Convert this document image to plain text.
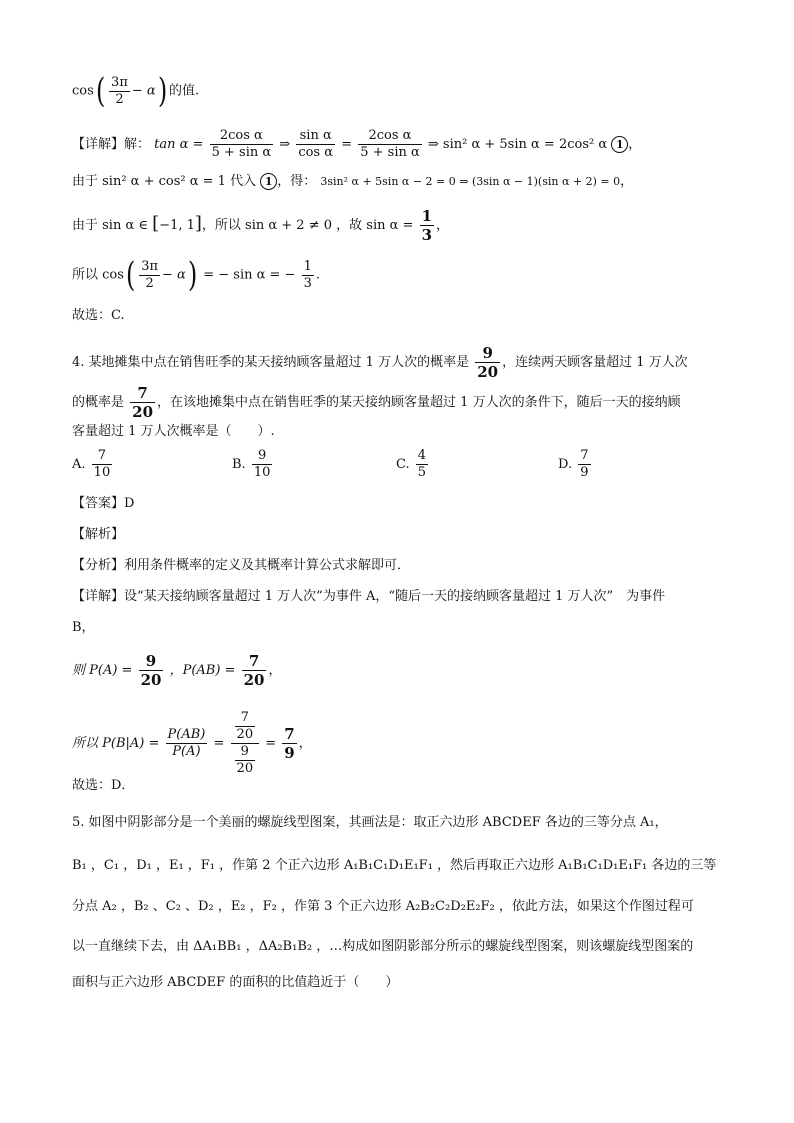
$\cos( \frac{3\pi}{2} - \alpha)$ 的值.
【详解】解： $\tan \alpha = \frac{\text{2cos α}}{\text{5 + sin α}}$ ⇒ $\frac{\text{sin α}}{\text{cos α}} = \frac{\text{2cos α}}{\text{5 + sin α}}$ ⇒ sin² α + 5sin α = 2cos² α 1 ，
由于 sin² α + cos² α = 1 代入 1 ，得： 3sin² α + 5sin α − 2 = 0 ⇒ (3sin α − 1)(sin α + 2) = 0，
由于 sin α ∈ [−1, 1]，所以 sin α + 2 ≠ 0 ，故 $\sin \alpha = \frac{1}{3}$ ，
所以 $\cos( \frac{3\pi}{2} - \alpha)$ = − sin α = − $\frac{1}{3}$ .
故选：C.
4. 某地摊集中点在销售旺季的某天接纳顾客量超过 1 万人次的概率是 $\frac{9}{20}$ ，连续两天顾客量超过 1 万人次
的概率是 $\frac{7}{20}$ ，在该地摊集中点在销售旺季的某天接纳顾客量超过 1 万人次的条件下，随后一天的接纳顾
客量超过 1 万人次概率是（　　）.
A. $\frac{7}{10}$	B. $\frac{9}{10}$	C. $\frac{4}{5}$	D. $\frac{7}{9}$
【答案】D
【解析】
【分析】利用条件概率的定义及其概率计算公式求解即可．
【详解】设“某天接纳顾客量超过 1 万人次”为事件 A，“随后一天的接纳顾客量超过 1 万人次”　为事件
B，
则 $P(A) = \frac{9}{20}$ ，$P(AB) = \frac{7}{20}$ ，
所以 $P(B|A) = \frac{P(AB)}{P(A)} = \frac{\frac{7}{20}}{\frac{9}{20}} = \frac{7}{9}$ ，
故选：D．
5. 如图中阴影部分是一个美丽的螺旋线型图案，其画法是：取正六边形 ABCDEF 各边的三等分点 A₁，
B₁ ，C₁ ，D₁ ，E₁ ，F₁ ，作第 2 个正六边形 A₁B₁C₁D₁E₁F₁ ，然后再取正六边形 A₁B₁C₁D₁E₁F₁ 各边的三等
分点 A₂ ，B₂ 、C₂ 、D₂ ，E₂ ，F₂ ，作第 3 个正六边形 A₂B₂C₂D₂E₂F₂ ，依此方法，如果这个作图过程可
以一直继续下去，由 ΔA₁BB₁ ，ΔA₂B₁B₂ ，…构成如图阴影部分所示的螺旋线型图案，则该螺旋线型图案的
面积与正六边形 ABCDEF 的面积的比值趋近于（　　）
